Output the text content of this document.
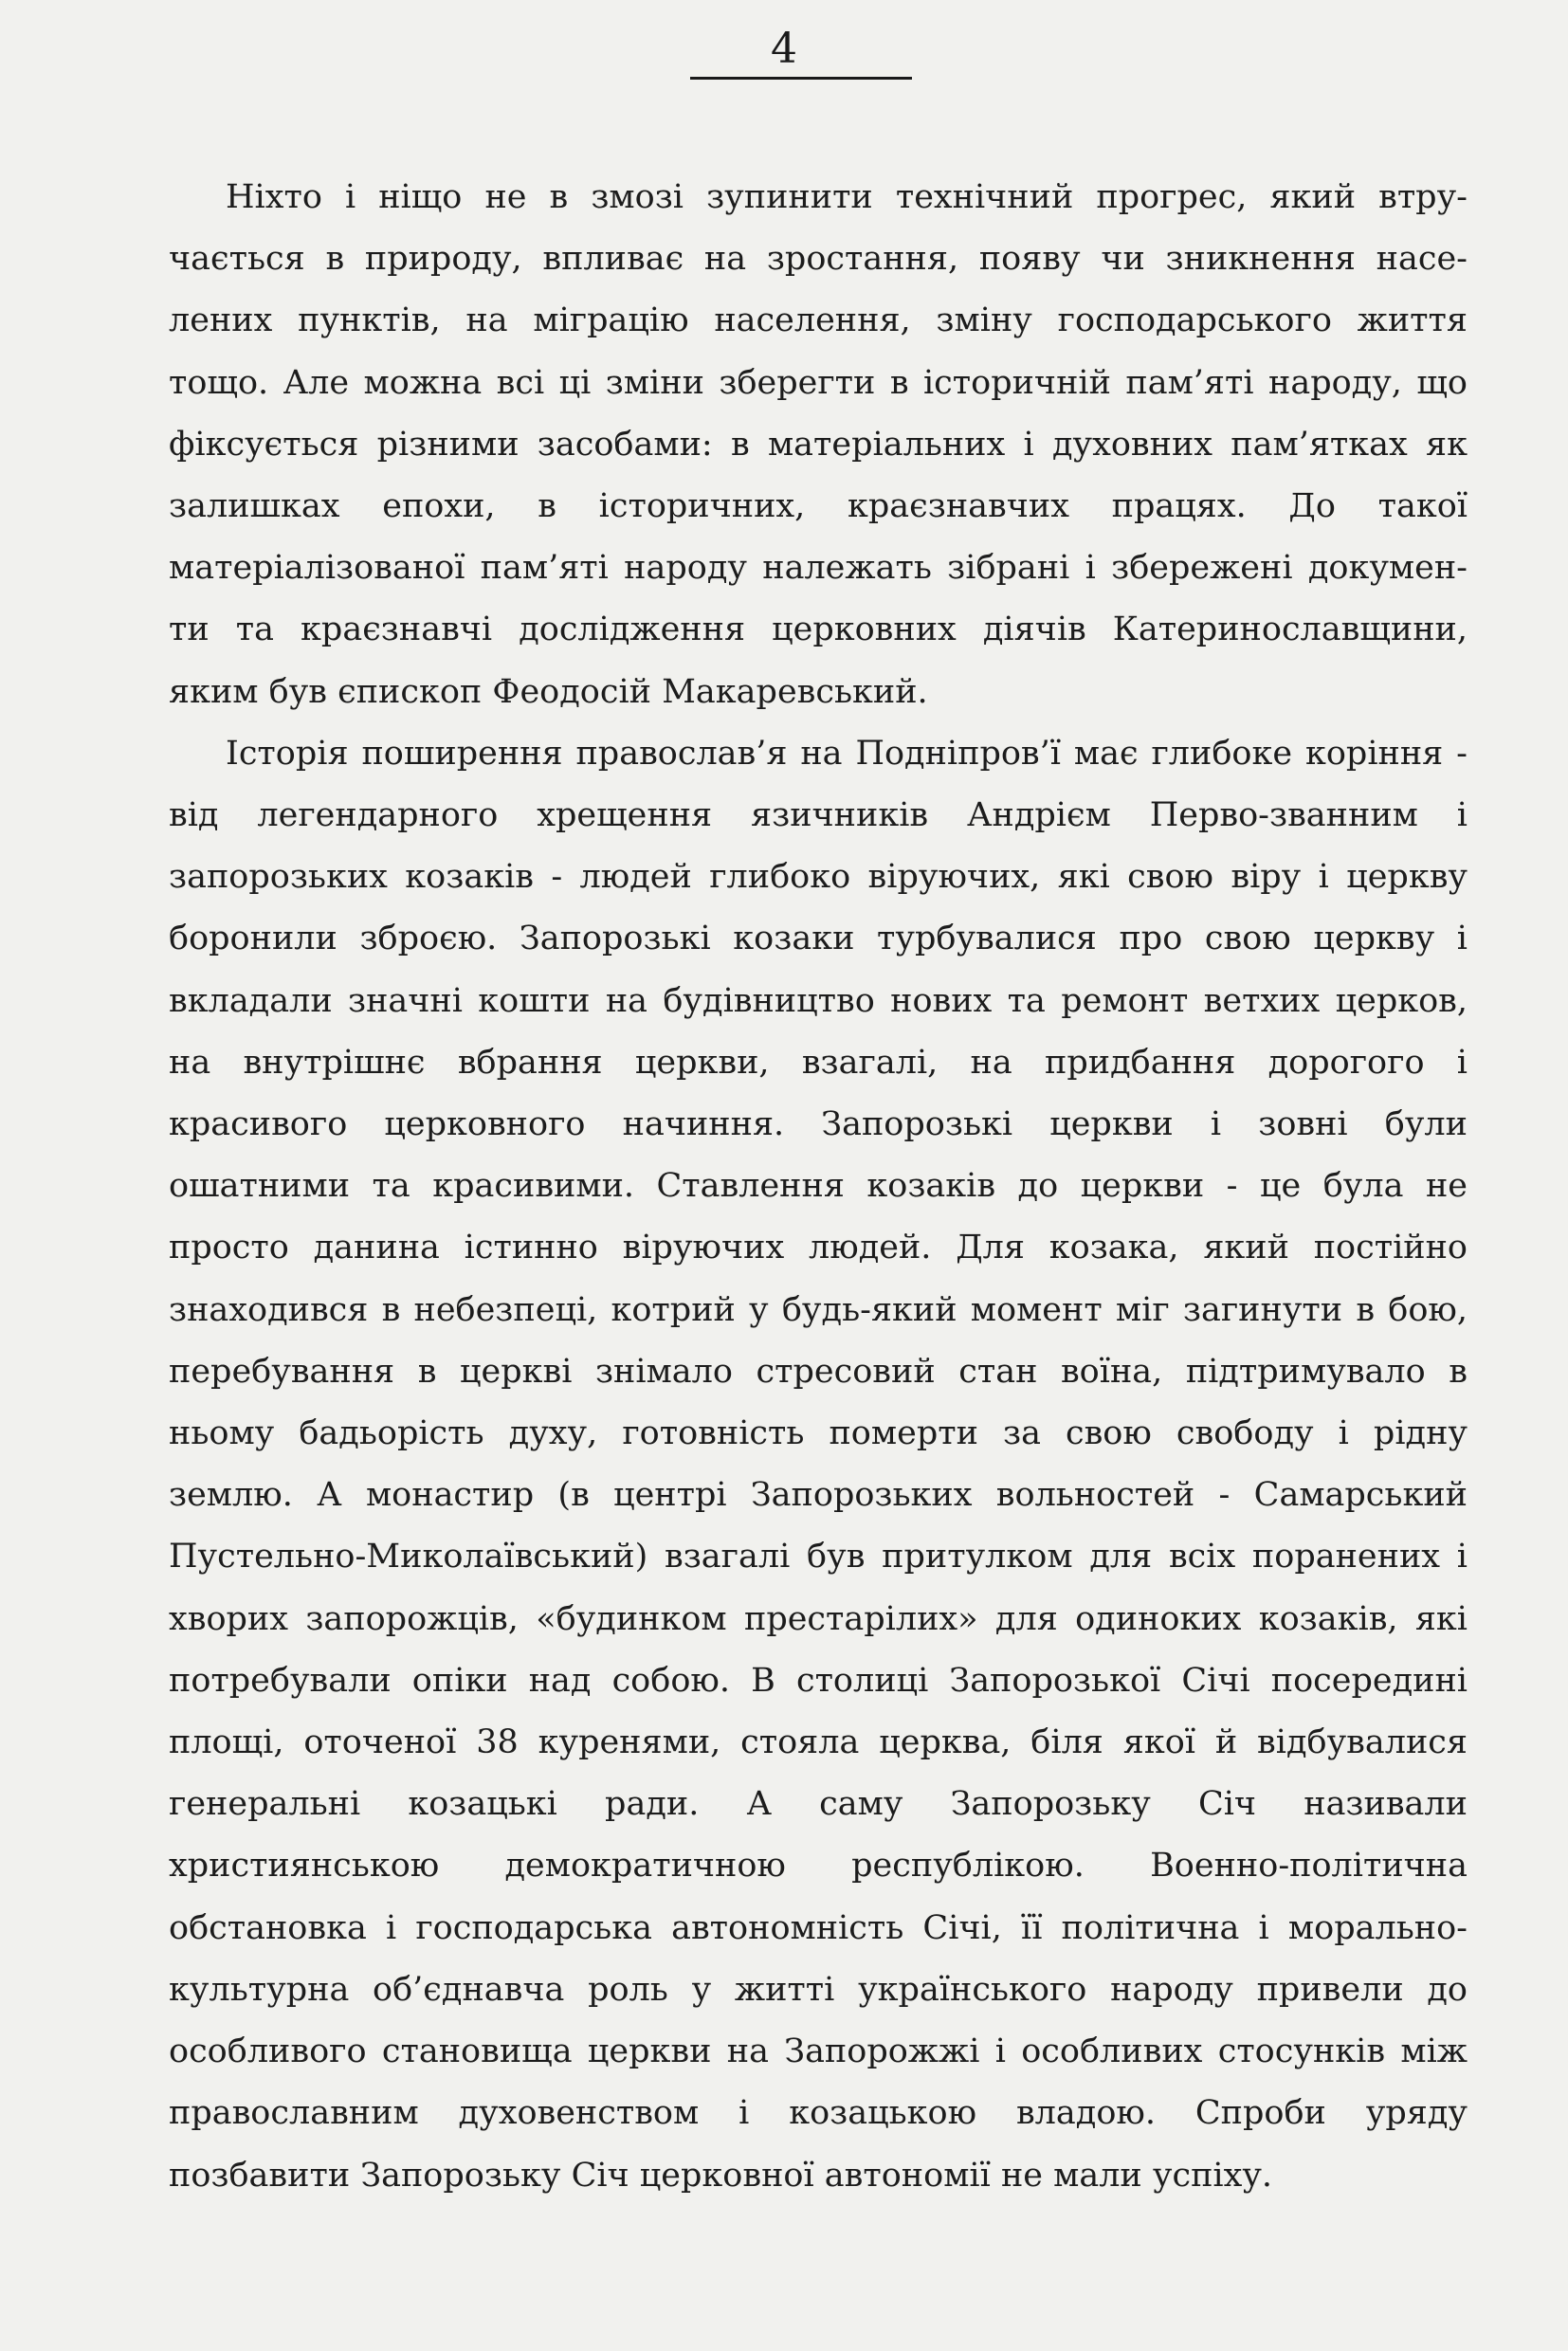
4

Ніхто і ніщо не в змозі зупинити технічний прогрес, який втру-чається в природу, впливає на зростання, появу чи зникнення насе-лених пунктів, на міграцію населення, зміну господарського життя тощо. Але можна всі ці зміни зберегти в історичній пам’яті народу, що фіксується різними засобами: в матеріальних і духовних пам’ятках як залишках епохи, в історичних, краєзнавчих працях. До такої матеріалізованої пам’яті народу належать зібрані і збережені докумен-ти та краєзнавчі дослідження церковних діячів Катеринославщини, яким був єпископ Феодосій Макаревський.

Історія поширення православ’я на Подніпров’ї має глибоке коріння - від легендарного хрещення язичників Андрієм Перво-званним і запорозьких козаків - людей глибоко віруючих, які свою віру і церкву боронили зброєю. Запорозькі козаки турбувалися про свою церкву і вкладали значні кошти на будівництво нових та ремонт ветхих церков, на внутрішнє вбрання церкви, взагалі, на придбання дорогого і красивого церковного начиння. Запорозькі церкви і зовні були ошатними та красивими. Ставлення козаків до церкви - це була не просто данина істинно віруючих людей. Для козака, який постійно знаходився в небезпеці, котрий у будь-який момент міг загинути в бою, перебування в церкві знімало стресовий стан воїна, підтримувало в ньому бадьорість духу, готовність померти за свою свободу і рідну землю. А монастир (в центрі Запорозьких вольностей - Самарський Пустельно-Миколаївський) взагалі був притулком для всіх поранених і хворих запорожців, «будинком престарілих» для одиноких козаків, які потребували опіки над собою. В столиці Запорозької Січі посередині площі, оточеної 38 куренями, стояла церква, біля якої й відбувалися генеральні козацькі ради. А саму Запорозьку Січ називали християнською демократичною республікою. Военно-політична обстановка і господарська автономність Січі, її політична і морально-культурна об’єднавча роль у житті українського народу привели до особливого становища церкви на Запорожжі і особливих стосунків між православним духовенством і козацькою владою. Спроби уряду позбавити Запорозьку Січ церковної автономії не мали успіху.
